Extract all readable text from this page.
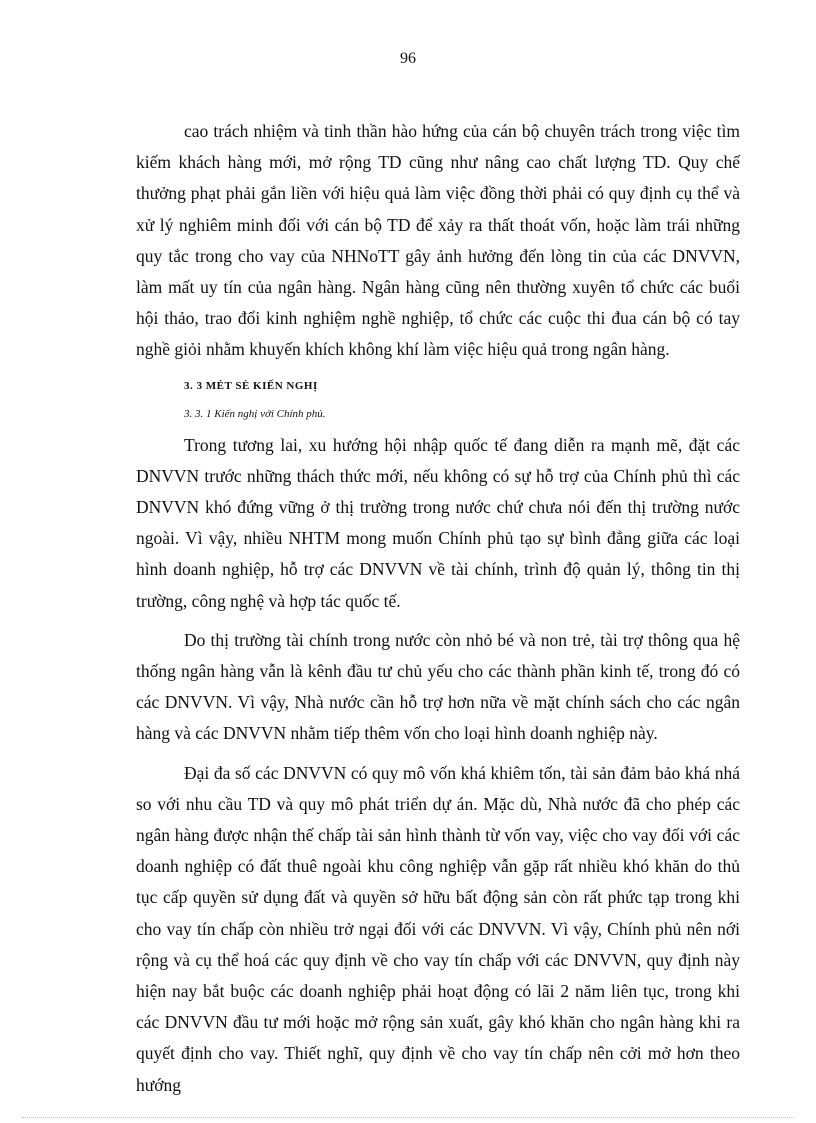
96

cao trách nhiệm và tinh thần hào hứng của cán bộ chuyên trách trong việc tìm kiếm khách hàng mới, mở rộng TD cũng như nâng cao chất lượng TD. Quy chế thưởng phạt phải gắn liền với hiệu quả làm việc đồng thời phải có quy định cụ thể và xử lý nghiêm minh đối với cán bộ TD để xảy ra thất thoát vốn, hoặc làm trái những quy tắc trong cho vay của NHNoTT gây ảnh hưởng đến lòng tin của các DNVVN, làm mất uy tín của ngân hàng. Ngân hàng cũng nên thường xuyên tổ chức các buổi hội thảo, trao đổi kinh nghiệm nghề nghiệp, tổ chức các cuộc thi đua cán bộ có tay nghề giỏi nhằm khuyến khích không khí làm việc hiệu quả trong ngân hàng.

3. 3 MÉT SÈ KIẾN NGHỊ
3. 3. 1 Kiến nghị với Chính phủ.

Trong tương lai, xu hướng hội nhập quốc tế đang diễn ra mạnh mẽ, đặt các DNVVN trước những thách thức mới, nếu không có sự hỗ trợ của Chính phủ thì các DNVVN khó đứng vững ở thị trường trong nước chứ chưa nói đến thị trường nước ngoài. Vì vậy, nhiều NHTM mong muốn Chính phủ tạo sự bình đẳng giữa các loại hình doanh nghiệp, hỗ trợ các DNVVN về tài chính, trình độ quản lý, thông tin thị trường, công nghệ và hợp tác quốc tế.

Do thị trường tài chính trong nước còn nhỏ bé và non trẻ, tài trợ thông qua hệ thống ngân hàng vẫn là kênh đầu tư chủ yếu cho các thành phần kinh tế, trong đó có các DNVVN. Vì vậy, Nhà nước cần hỗ trợ hơn nữa về mặt chính sách cho các ngân hàng và các DNVVN nhằm tiếp thêm vốn cho loại hình doanh nghiệp này.

Đại đa số các DNVVN có quy mô vốn khá khiêm tốn, tài sản đảm bảo khá nhá so với nhu cầu TD và quy mô phát triển dự án. Mặc dù, Nhà nước đã cho phép các ngân hàng được nhận thế chấp tài sản hình thành từ vốn vay, việc cho vay đối với các doanh nghiệp có đất thuê ngoài khu công nghiệp vẫn gặp rất nhiều khó khăn do thủ tục cấp quyền sử dụng đất và quyền sở hữu bất động sản còn rất phức tạp trong khi cho vay tín chấp còn nhiều trở ngại đối với các DNVVN. Vì vậy, Chính phủ nên nới rộng và cụ thể hoá các quy định về cho vay tín chấp với các DNVVN, quy định này hiện nay bắt buộc các doanh nghiệp phải hoạt động có lãi 2 năm liên tục, trong khi các DNVVN đầu tư mới hoặc mở rộng sản xuất, gây khó khăn cho ngân hàng khi ra quyết định cho vay. Thiết nghĩ, quy định về cho vay tín chấp nên cởi mở hơn theo hướng
